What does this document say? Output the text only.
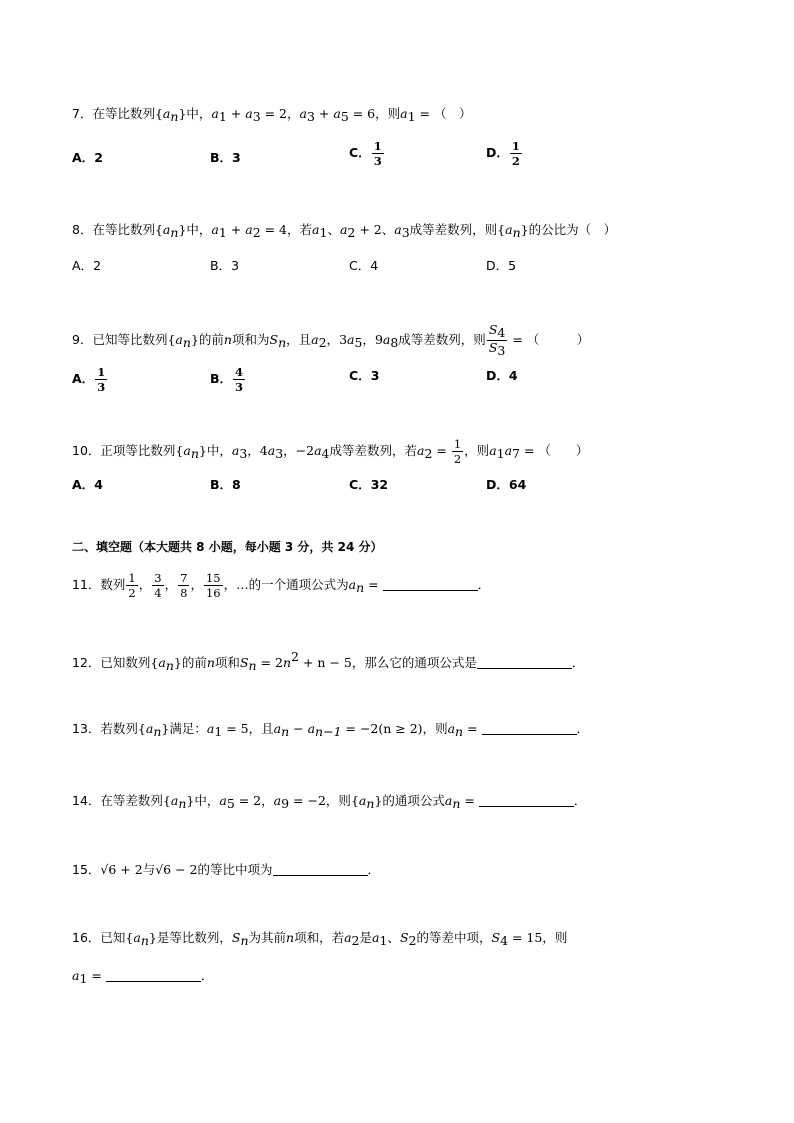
7．在等比数列$\{a_n\}$中，$a_1 + a_3 = 2$，$a_3 + a_5 = 6$，则$a_1$ = （　）
A．2	B．3	C． $\frac{1}{3}$	D． $\frac{1}{2}$
8．在等比数列$\{a_n\}$中，$a_1 + a_2 = 4$，若$a_1$、$a_2 + 2$、$a_3$成等差数列，则$\{a_n\}$的公比为（　）
A．2	B．3	C．4	D．5
9．已知等比数列$\{a_n\}$的前n项和为$S_n$，且$a_2$，$3a_5$，$9a_8$成等差数列，则 $\frac{S_4}{S_3}$ = （　　　）
A． $\frac{1}{3}$	B． $\frac{4}{3}$	C．3	D．4
10．正项等比数列$\{a_n\}$中，$a_3$，$4a_3$，$-2a_4$成等差数列，若$a_2 = \frac{1}{2}$ ，则$a_1a_7$ = （　　）
A．4	B．8	C．32	D．64
二、填空题（本大题共 8 小题，每小题 3 分，共 24 分）
11．数列 $\frac{1}{2}$ ， $\frac{3}{4}$ ， $\frac{7}{8}$ ， $\frac{15}{16}$ ，…的一个通项公式为$a_n$ =	．
12．已知数列$\{a_n\}$的前n项和$S_n = 2n^2 + n - 5$，那么它的通项公式是	．
13．若数列$\{a_n\}$满足：$a_1 = 5$，且$a_n - a_{n-1} = -2(n \ge 2)$，则$a_n$ =	．
14．在等差数列$\{a_n\}$中，$a_5 = 2$，$a_9 = -2$，则$\{a_n\}$的通项公式$a_n$ =	．
15．√6 + 2与√6 − 2的等比中项为	．
16．已知$\{a_n\}$是等比数列，$S_n$为其前n项和，若$a_2$是$a_1$、$S_2$的等差中项，$S_4 = 15$，则
$a_1$ =	．
